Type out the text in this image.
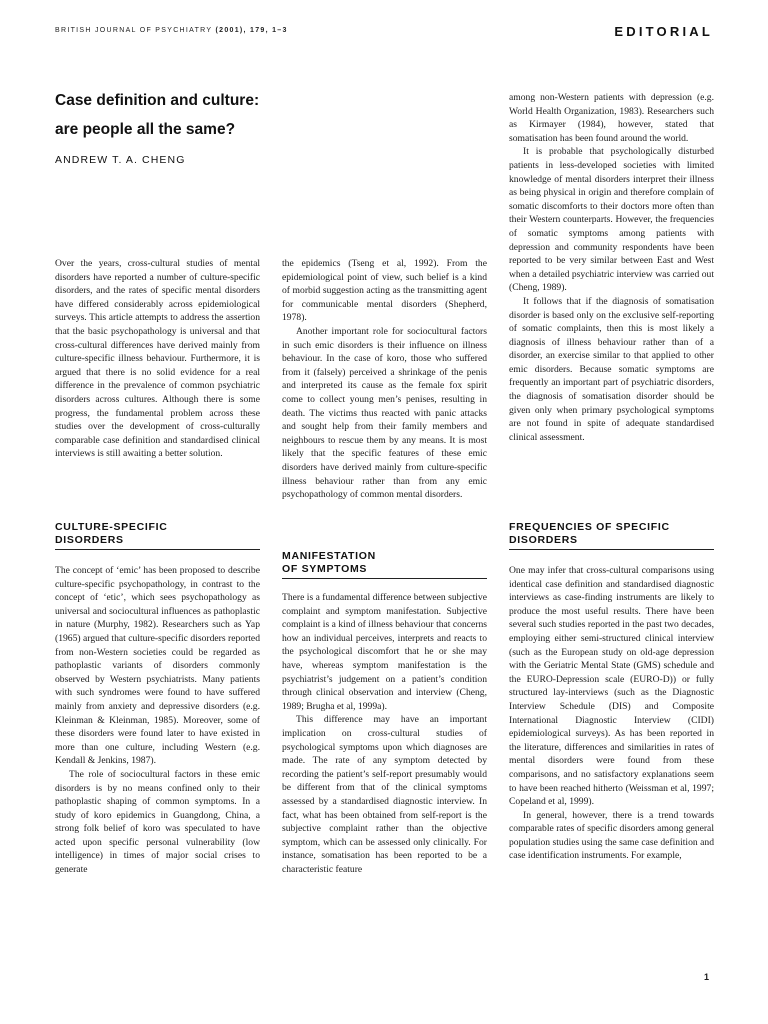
BRITISH JOURNAL OF PSYCHIATRY (2001), 179, 1–3	EDITORIAL
Case definition and culture:
are people all the same?
ANDREW T. A. CHENG

Over the years, cross-cultural studies of mental disorders have reported a number of culture-specific disorders, and the rates of specific mental disorders have differed considerably across epidemiological surveys. This article attempts to address the assertion that the basic psychopathology is universal and that cross-cultural differences have derived mainly from culture-specific illness behaviour. Furthermore, it is argued that there is no solid evidence for a real difference in the prevalence of common psychiatric disorders across cultures. Although there is some progress, the fundamental problem across these studies over the development of cross-culturally comparable case definition and standardised clinical interviews is still awaiting a better solution.

CULTURE-SPECIFIC
DISORDERS

The concept of ‘emic’ has been proposed to describe culture-specific psychopathology, in contrast to the concept of ‘etic’, which sees psychopathology as universal and sociocultural influences as pathoplastic in nature (Murphy, 1982). Researchers such as Yap (1965) argued that culture-specific disorders reported from non-Western societies could be regarded as pathoplastic variants of disorders commonly observed by Western psychiatrists. Many patients with such syndromes were found to have suffered mainly from anxiety and depressive disorders (e.g. Kleinman & Kleinman, 1985). Moreover, some of these disorders were found later to have existed in more than one culture, including Western (e.g. Kendall & Jenkins, 1987).

The role of sociocultural factors in these emic disorders is by no means confined only to their pathoplastic shaping of common symptoms. In a study of koro epidemics in Guangdong, China, a strong folk belief of koro was speculated to have acted upon specific personal vulnerability (low intelligence) in times of major social crises to generate

the epidemics (Tseng et al, 1992). From the epidemiological point of view, such belief is a kind of morbid suggestion acting as the transmitting agent for communicable mental disorders (Shepherd, 1978).

Another important role for sociocultural factors in such emic disorders is their influence on illness behaviour. In the case of koro, those who suffered from it (falsely) perceived a shrinkage of the penis and interpreted its cause as the female fox spirit come to collect young men’s penises, resulting in death. The victims thus reacted with panic attacks and sought help from their family members and neighbours to rescue them by any means. It is most likely that the specific features of these emic disorders have derived mainly from culture-specific illness behaviour rather than from any emic psychopathology of common mental disorders.

MANIFESTATION
OF SYMPTOMS

There is a fundamental difference between subjective complaint and symptom manifestation. Subjective complaint is a kind of illness behaviour that concerns how an individual perceives, interprets and reacts to the psychological discomfort that he or she may have, whereas symptom manifestation is the psychiatrist’s judgement on a patient’s condition through clinical observation and interview (Cheng, 1989; Brugha et al, 1999a).

This difference may have an important implication on cross-cultural studies of psychological symptoms upon which diagnoses are made. The rate of any symptom detected by recording the patient’s self-report presumably would be different from that of the clinical symptoms assessed by a standardised diagnostic interview. In fact, what has been obtained from self-report is the subjective complaint rather than the objective symptom, which can be assessed only clinically. For instance, somatisation has been reported to be a characteristic feature

among non-Western patients with depression (e.g. World Health Organization, 1983). Researchers such as Kirmayer (1984), however, stated that somatisation has been found around the world.

It is probable that psychologically disturbed patients in less-developed societies with limited knowledge of mental disorders interpret their illness as being physical in origin and therefore complain of somatic discomforts to their doctors more often than their Western counterparts. However, the frequencies of somatic symptoms among patients with depression and community respondents have been reported to be very similar between East and West when a detailed psychiatric interview was carried out (Cheng, 1989).

It follows that if the diagnosis of somatisation disorder is based only on the exclusive self-reporting of somatic complaints, then this is most likely a diagnosis of illness behaviour rather than of a disorder, an exercise similar to that applied to other emic disorders. Because somatic symptoms are frequently an important part of psychiatric disorders, the diagnosis of somatisation disorder should be given only when primary psychological symptoms are not found in spite of adequate standardised clinical assessment.

FREQUENCIES OF SPECIFIC
DISORDERS

One may infer that cross-cultural comparisons using identical case definition and standardised diagnostic interviews as case-finding instruments are likely to produce the most useful results. There have been several such studies reported in the past two decades, employing either semi-structured clinical interview (such as the European study on old-age depression with the Geriatric Mental State (GMS) schedule and the EURO-Depression scale (EURO-D)) or fully structured lay-interviews (such as the Diagnostic Interview Schedule (DIS) and Composite International Diagnostic Interview (CIDI) epidemiological surveys). As has been reported in the literature, differences and similarities in rates of mental disorders were found from these comparisons, and no satisfactory explanations seem to have been reached hitherto (Weissman et al, 1997; Copeland et al, 1999).

In general, however, there is a trend towards comparable rates of specific disorders among general population studies using the same case definition and case identification instruments. For example,

1
